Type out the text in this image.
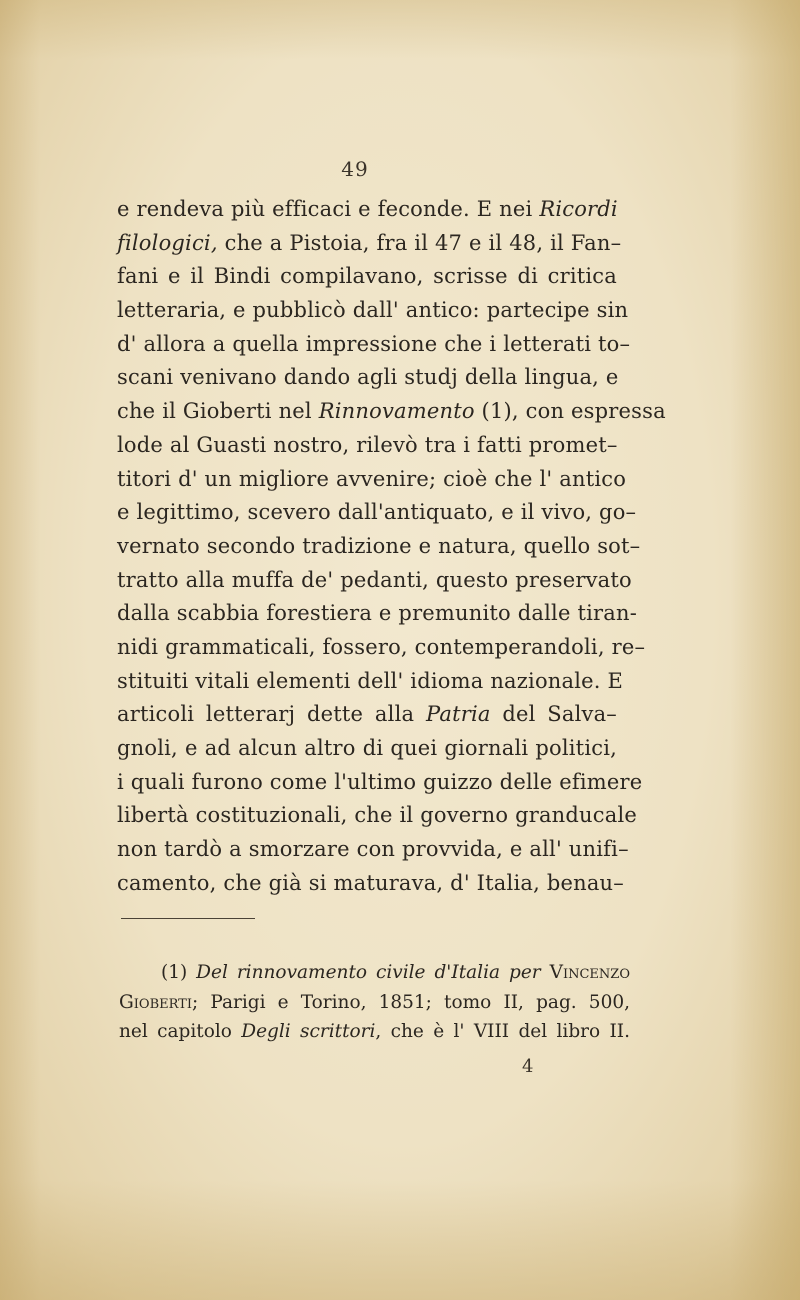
49
e rendeva più efficaci e feconde. E nei Ricordi
filologici, che a Pistoia, fra il 47 e il 48, il Fan–
fani e il Bindi compilavano, scrisse di critica
letteraria, e pubblicò dall' antico: partecipe sin
d' allora a quella impressione che i letterati to–
scani venivano dando agli studj della lingua, e
che il Gioberti nel Rinnovamento (1), con espressa
lode al Guasti nostro, rilevò tra i fatti promet–
titori d' un migliore avvenire; cioè che l' antico
e legittimo, scevero dall'antiquato, e il vivo, go–
vernato secondo tradizione e natura, quello sot–
tratto alla muffa de' pedanti, questo preservato
dalla scabbia forestiera e premunito dalle tiran-
nidi grammaticali, fossero, contemperandoli, re–
stituiti vitali elementi dell' idioma nazionale. E
articoli letterarj dette alla Patria del Salva–
gnoli, e ad alcun altro di quei giornali politici,
i quali furono come l'ultimo guizzo delle efimere
libertà costituzionali, che il governo granducale
non tardò a smorzare con provvida, e all' unifi–
camento, che già si maturava, d' Italia, benau–
(1) Del rinnovamento civile d'Italia per Vincenzo
Gioberti; Parigi e Torino, 1851; tomo II, pag. 500,
nel capitolo Degli scrittori, che è l' VIII del libro II.
4
